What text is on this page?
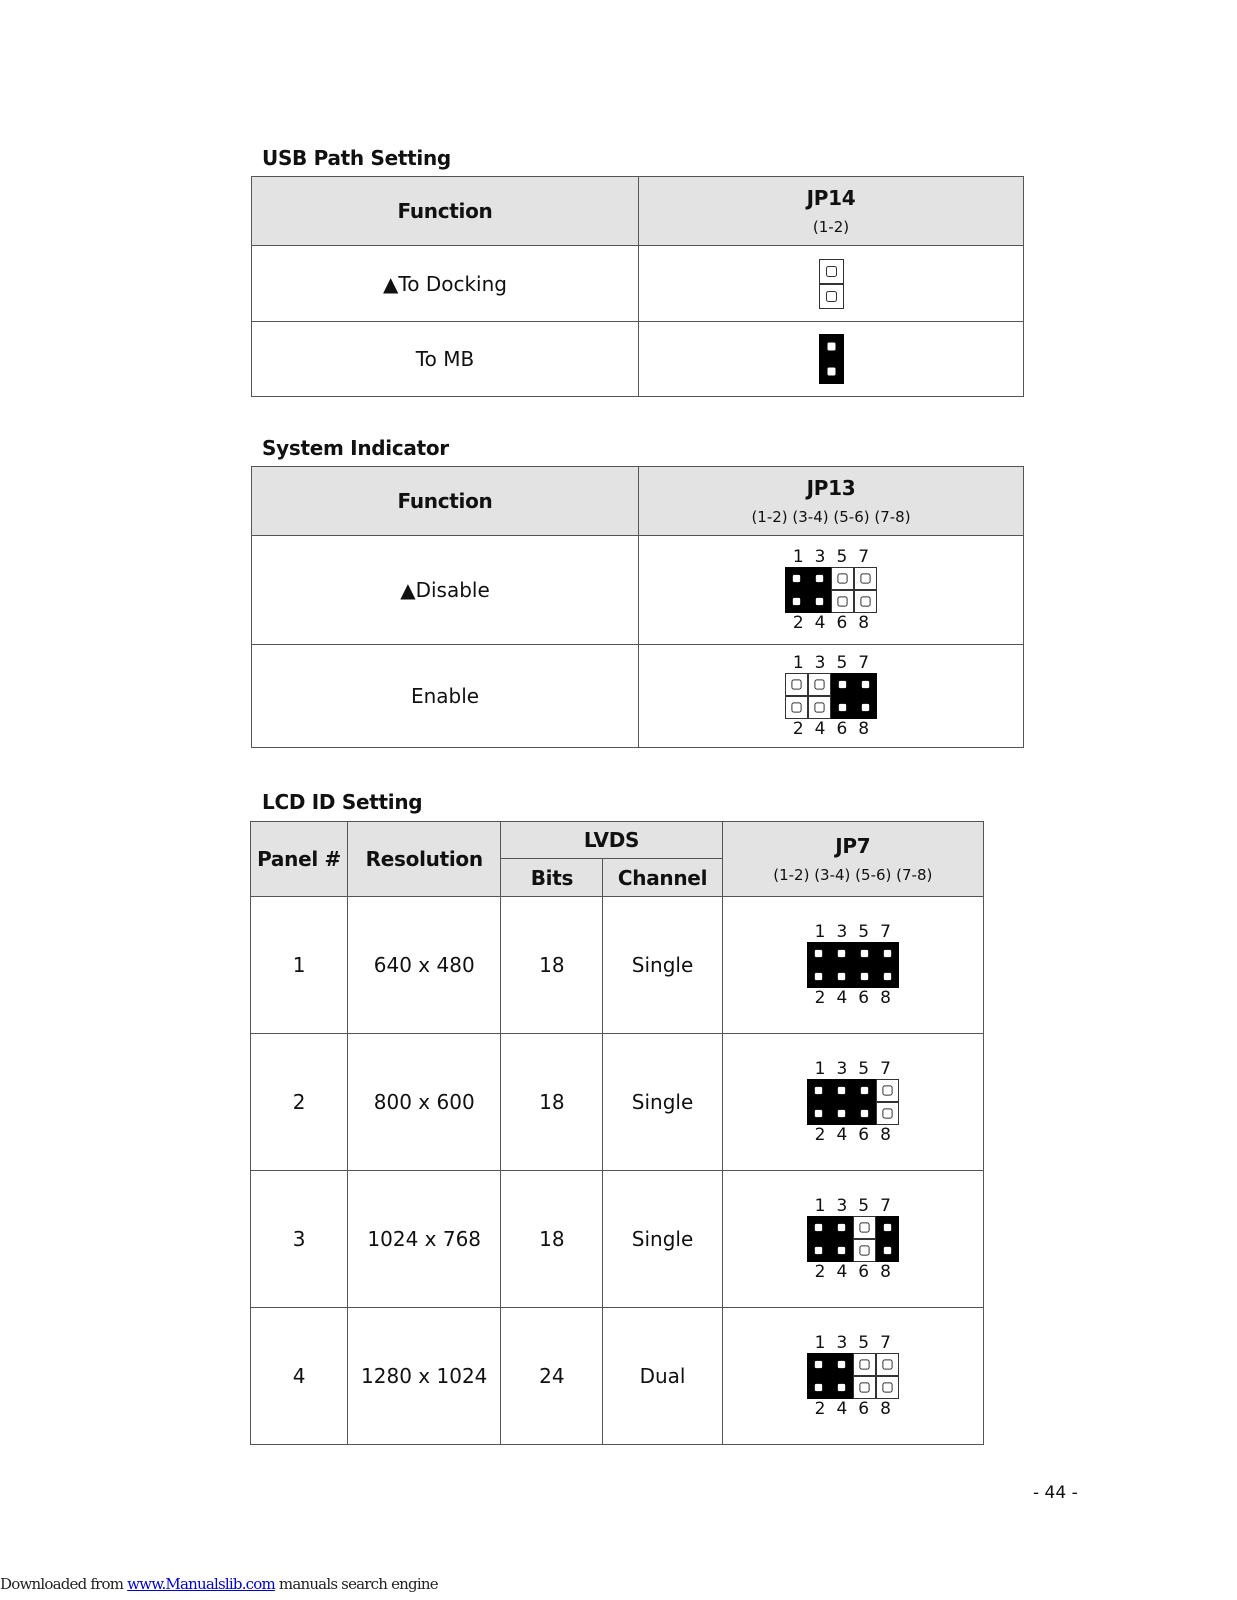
USB Path Setting
Function	JP14
(1-2)

▲To Docking	

To MB	
System Indicator
Function	JP13
(1-2) (3-4) (5-6) (7-8)

▲Disable	1357
2468

Enable	1357
2468
LCD ID Setting
Panel #	Resolution	LVDS		JP7
(1-2) (3-4) (5-6) (7-8)

		Bits	Channel	
1	640 x 480	18	Single	1357
2468

2	800 x 600	18	Single	1357
2468

3	1024 x 768	18	Single	1357
2468

4	1280 x 1024	24	Dual	1357
2468
- 44 -
Downloaded from www.Manualslib.com manuals search engine
